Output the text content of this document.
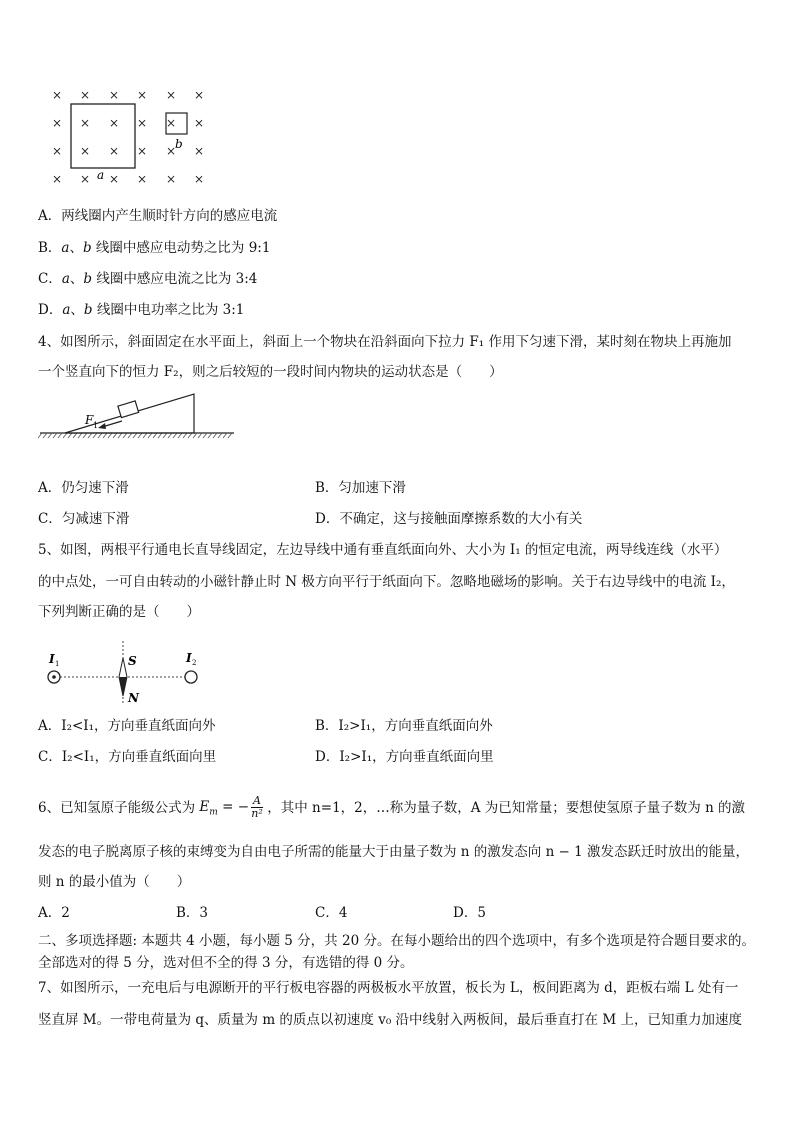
× × × × × ×
× × × × × ×
× × × × × ×
× × × × × ×
a
b
A．两线圈内产生顺时针方向的感应电流
B．a、b 线圈中感应电动势之比为 9:1
C．a、b 线圈中感应电流之比为 3:4
D．a、b 线圈中电功率之比为 3:1
4、如图所示，斜面固定在水平面上，斜面上一个物块在沿斜面向下拉力 F₁ 作用下匀速下滑，某时刻在物块上再施加
一个竖直向下的恒力 F₂，则之后较短的一段时间内物块的运动状态是（　　）
F 1
A．仍匀速下滑	B．匀加速下滑
C．匀减速下滑	D．不确定，这与接触面摩擦系数的大小有关
5、如图，两根平行通电长直导线固定，左边导线中通有垂直纸面向外、大小为 I₁ 的恒定电流，两导线连线（水平）
的中点处，一可自由转动的小磁针静止时 N 极方向平行于纸面向下。忽略地磁场的影响。关于右边导线中的电流 I₂，
下列判断正确的是（　　）
I 1	I 2
S
N
A．I₂<I₁，方向垂直纸面向外	B．I₂>I₁，方向垂直纸面向外
C．I₂<I₁，方向垂直纸面向里	D．I₂>I₁，方向垂直纸面向里
6、已知氢原子能级公式为 $E_m$ = − $\frac{A}{\text{n²}}$ ，其中 n=1，2，…称为量子数，A 为已知常量；要想使氢原子量子数为 n 的激
发态的电子脱离原子核的束缚变为自由电子所需的能量大于由量子数为 n 的激发态向 n − 1 激发态跃迁时放出的能量，
则 n 的最小值为（　　）
A．2	B．3	C．4	D．5
二、多项选择题: 本题共 4 小题，每小题 5 分，共 20 分。在每小题给出的四个选项中，有多个选项是符合题目要求的。
全部选对的得 5 分，选对但不全的得 3 分，有选错的得 0 分。
7、如图所示，一充电后与电源断开的平行板电容器的两极板水平放置，板长为 L，板间距离为 d，距板右端 L 处有一
竖直屏 M。一带电荷量为 q、质量为 m 的质点以初速度 v₀ 沿中线射入两板间，最后垂直打在 M 上，已知重力加速度
